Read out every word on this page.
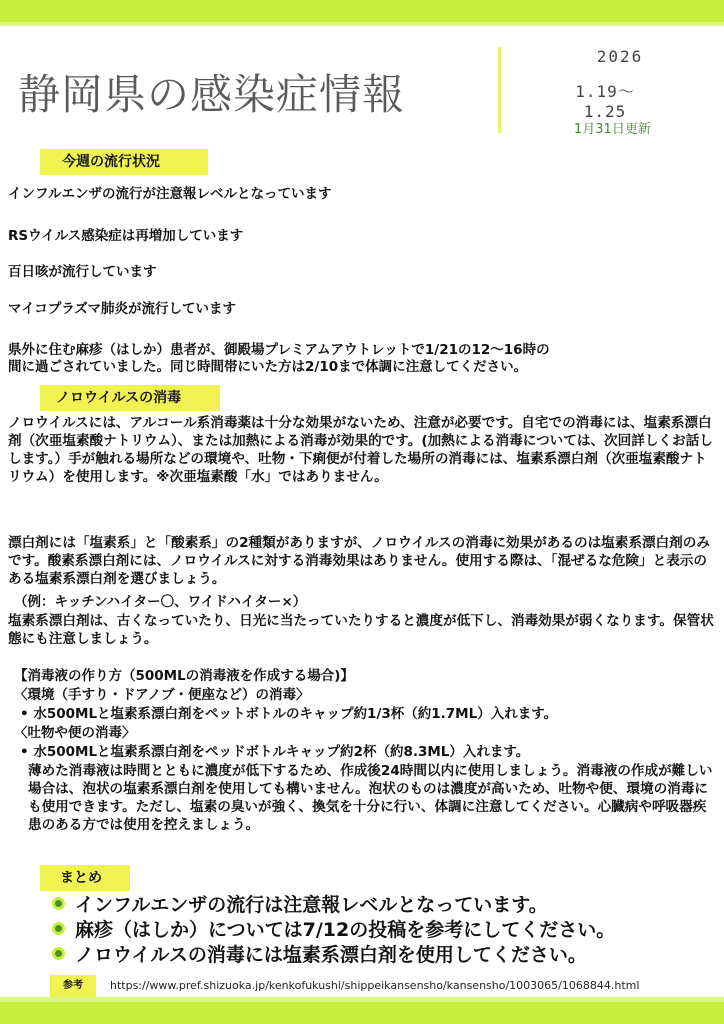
静岡県の感染症情報
2026
1.19～1.25
1月31日更新
今週の流行状況
インフルエンザの流行が注意報レベルとなっています
RSウイルス感染症は再増加しています
百日咳が流行しています
マイコプラズマ肺炎が流行しています
県外に住む麻疹（はしか）患者が、御殿場プレミアムアウトレットで1/21の12〜16時の
間に過ごされていました。同じ時間帯にいた方は2/10まで体調に注意してください。
ノロウイルスの消毒
ノロウイルスには、アルコール系消毒薬は十分な効果がないため、注意が必要です。自宅での消毒には、塩素系漂白剤（次亜塩素酸ナトリウム）、または加熱による消毒が効果的です。(加熱による消毒については、次回詳しくお話しします。）手が触れる場所などの環境や、吐物・下痢便が付着した場所の消毒には、塩素系漂白剤（次亜塩素酸ナトリウム）を使用します。※次亜塩素酸「水」ではありません。
漂白剤には「塩素系」と「酸素系」の2種類がありますが、ノロウイルスの消毒に効果があるのは塩素系漂白剤のみです。酸素系漂白剤には、ノロウイルスに対する消毒効果はありません。使用する際は、「混ぜるな危険」と表示のある塩素系漂白剤を選びましょう。
（例：キッチンハイター〇、ワイドハイター×）
塩素系漂白剤は、古くなっていたり、日光に当たっていたりすると濃度が低下し、消毒効果が弱くなります。保管状態にも注意しましょう。
【消毒液の作り方（500MLの消毒液を作成する場合)】
〈環境（手すり・ドアノブ・便座など）の消毒〉
• 水500MLと塩素系漂白剤をペットボトルのキャップ約1/3杯（約1.7ML）入れます。
〈吐物や便の消毒〉
• 水500MLと塩素系漂白剤をペッドボトルキャップ約2杯（約8.3ML）入れます。
薄めた消毒液は時間とともに濃度が低下するため、作成後24時間以内に使用しましょう。消毒液の作成が難しい場合は、泡状の塩素系漂白剤を使用しても構いません。泡状のものは濃度が高いため、吐物や便、環境の消毒にも使用できます。ただし、塩素の臭いが強く、換気を十分に行い、体調に注意してください。心臓病や呼吸器疾患のある方では使用を控えましょう。
まとめ
インフルエンザの流行は注意報レベルとなっています。
麻疹（はしか）については7/12の投稿を参考にしてください。
ノロウイルスの消毒には塩素系漂白剤を使用してください。
参考	https://www.pref.shizuoka.jp/kenkofukushi/shippeikansensho/kansensho/1003065/1068844.html
